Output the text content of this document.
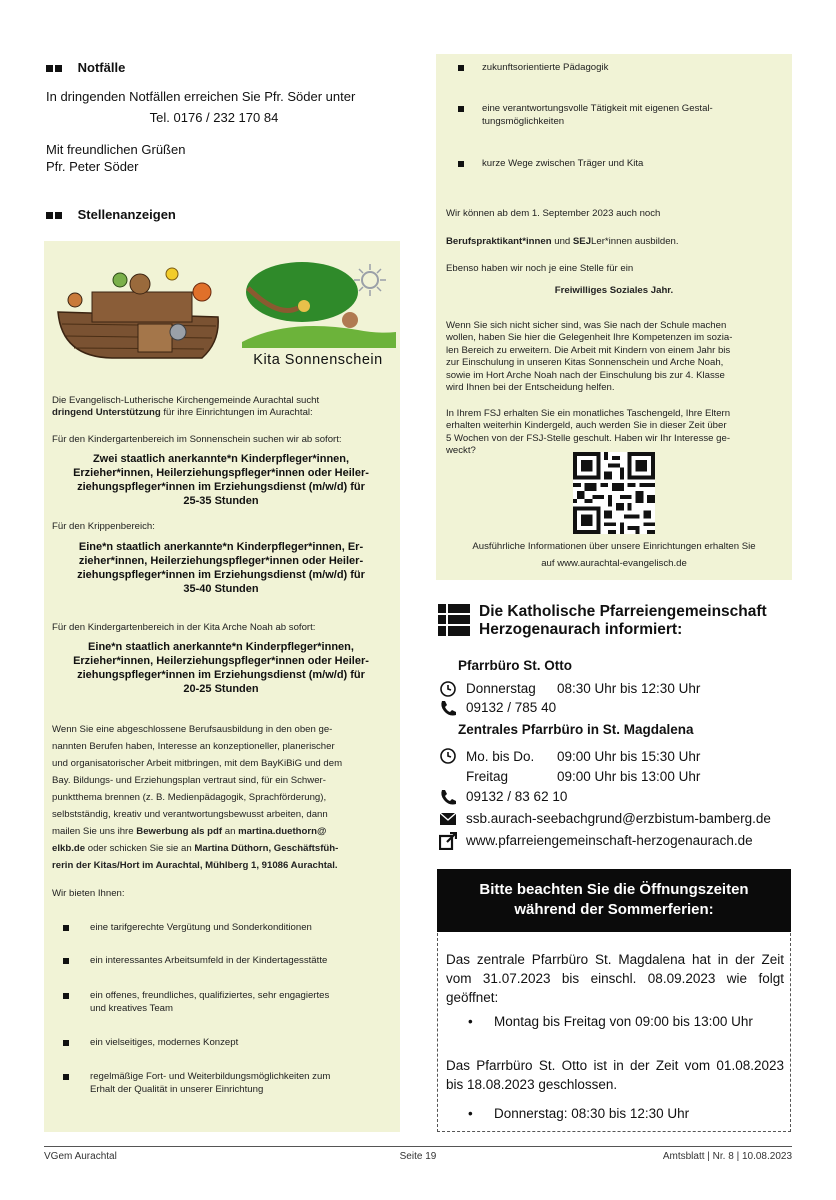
Notfälle
In dringenden Notfällen erreichen Sie Pfr. Söder unter
Tel. 0176 / 232 170 84
Mit freundlichen Grüßen
Pfr. Peter Söder
Stellenanzeigen
Kita Sonnenschein
Die Evangelisch-Lutherische Kirchengemeinde Aurachtal sucht
dringend Unterstützung für ihre Einrichtungen im Aurachtal:
Für den Kindergartenbereich im Sonnenschein suchen wir ab sofort:
Zwei staatlich anerkannte*n Kinderpfleger*innen,
Erzieher*innen, Heilerziehungspfleger*innen oder Heiler-
ziehungspfleger*innen im Erziehungsdienst (m/w/d) für
25-35 Stunden
Für den Krippenbereich:
Eine*n staatlich anerkannte*n Kinderpfleger*innen, Er-
zieher*innen, Heilerziehungspfleger*innen oder Heiler-
ziehungspfleger*innen im Erziehungsdienst (m/w/d) für
35-40 Stunden
Für den Kindergartenbereich in der Kita Arche Noah ab sofort:
Eine*n staatlich anerkannte*n Kinderpfleger*innen,
Erzieher*innen, Heilerziehungspfleger*innen oder Heiler-
ziehungspfleger*innen im Erziehungsdienst (m/w/d) für
20-25 Stunden
Wenn Sie eine abgeschlossene Berufsausbildung in den oben ge-
nannten Berufen haben, Interesse an konzeptioneller, planerischer
und organisatorischer Arbeit mitbringen, mit dem BayKiBiG und dem
Bay. Bildungs- und Erziehungsplan vertraut sind, für ein Schwer-
punktthema brennen (z. B. Medienpädagogik, Sprachförderung),
selbstständig, kreativ und verantwortungsbewusst arbeiten, dann
mailen Sie uns ihre Bewerbung als pdf an martina.duethorn@
elkb.de oder schicken Sie sie an Martina Düthorn, Geschäftsfüh-
rerin der Kitas/Hort im Aurachtal, Mühlberg 1, 91086 Aurachtal.
Wir bieten Ihnen:
eine tarifgerechte Vergütung und Sonderkonditionen
ein interessantes Arbeitsumfeld in der Kindertagesstätte
ein offenes, freundliches, qualifiziertes, sehr engagiertes
und kreatives Team
ein vielseitiges, modernes Konzept
regelmäßige Fort- und Weiterbildungsmöglichkeiten zum
Erhalt der Qualität in unserer Einrichtung
zukunftsorientierte Pädagogik
eine verantwortungsvolle Tätigkeit mit eigenen Gestal-
tungsmöglichkeiten
kurze Wege zwischen Träger und Kita
Wir können ab dem 1. September 2023 auch noch
Berufspraktikant*innen und SEJLer*innen ausbilden.
Ebenso haben wir noch je eine Stelle für ein
Freiwilliges Soziales Jahr.
Wenn Sie sich nicht sicher sind, was Sie nach der Schule machen
wollen, haben Sie hier die Gelegenheit Ihre Kompetenzen im sozia-
len Bereich zu erweitern. Die Arbeit mit Kindern von einem Jahr bis
zur Einschulung in unseren Kitas Sonnenschein und Arche Noah,
sowie im Hort Arche Noah nach der Einschulung bis zur 4. Klasse
wird Ihnen bei der Entscheidung helfen.
In Ihrem FSJ erhalten Sie ein monatliches Taschengeld, Ihre Eltern
erhalten weiterhin Kindergeld, auch werden Sie in dieser Zeit über
5 Wochen von der FSJ-Stelle geschult. Haben wir Ihr Interesse ge-
weckt?
Ausführliche Informationen über unsere Einrichtungen erhalten Sie
auf www.aurachtal-evangelisch.de
Die Katholische Pfarreiengemeinschaft
Herzogenaurach informiert:
Pfarrbüro St. Otto
Donnerstag 08:30 Uhr bis 12:30 Uhr
09132 / 785 40
Zentrales Pfarrbüro in St. Magdalena
Mo. bis Do. 09:00 Uhr bis 15:30 Uhr
Freitag	09:00 Uhr bis 13:00 Uhr
09132 / 83 62 10
ssb.aurach-seebachgrund@erzbistum-bamberg.de
www.pfarreiengemeinschaft-herzogenaurach.de
Bitte beachten Sie die Öffnungszeiten
während der Sommerferien:
Das zentrale Pfarrbüro St. Magdalena hat in der Zeit
vom 31.07.2023 bis einschl. 08.09.2023 wie folgt
geöffnet:
• Montag bis Freitag von 09:00 bis 13:00 Uhr
Das Pfarrbüro St. Otto ist in der Zeit vom 01.08.2023
bis 18.08.2023 geschlossen.
• Donnerstag: 08:30 bis 12:30 Uhr
VGem Aurachtal	Seite 19	Amtsblatt | Nr. 8 | 10.08.2023
